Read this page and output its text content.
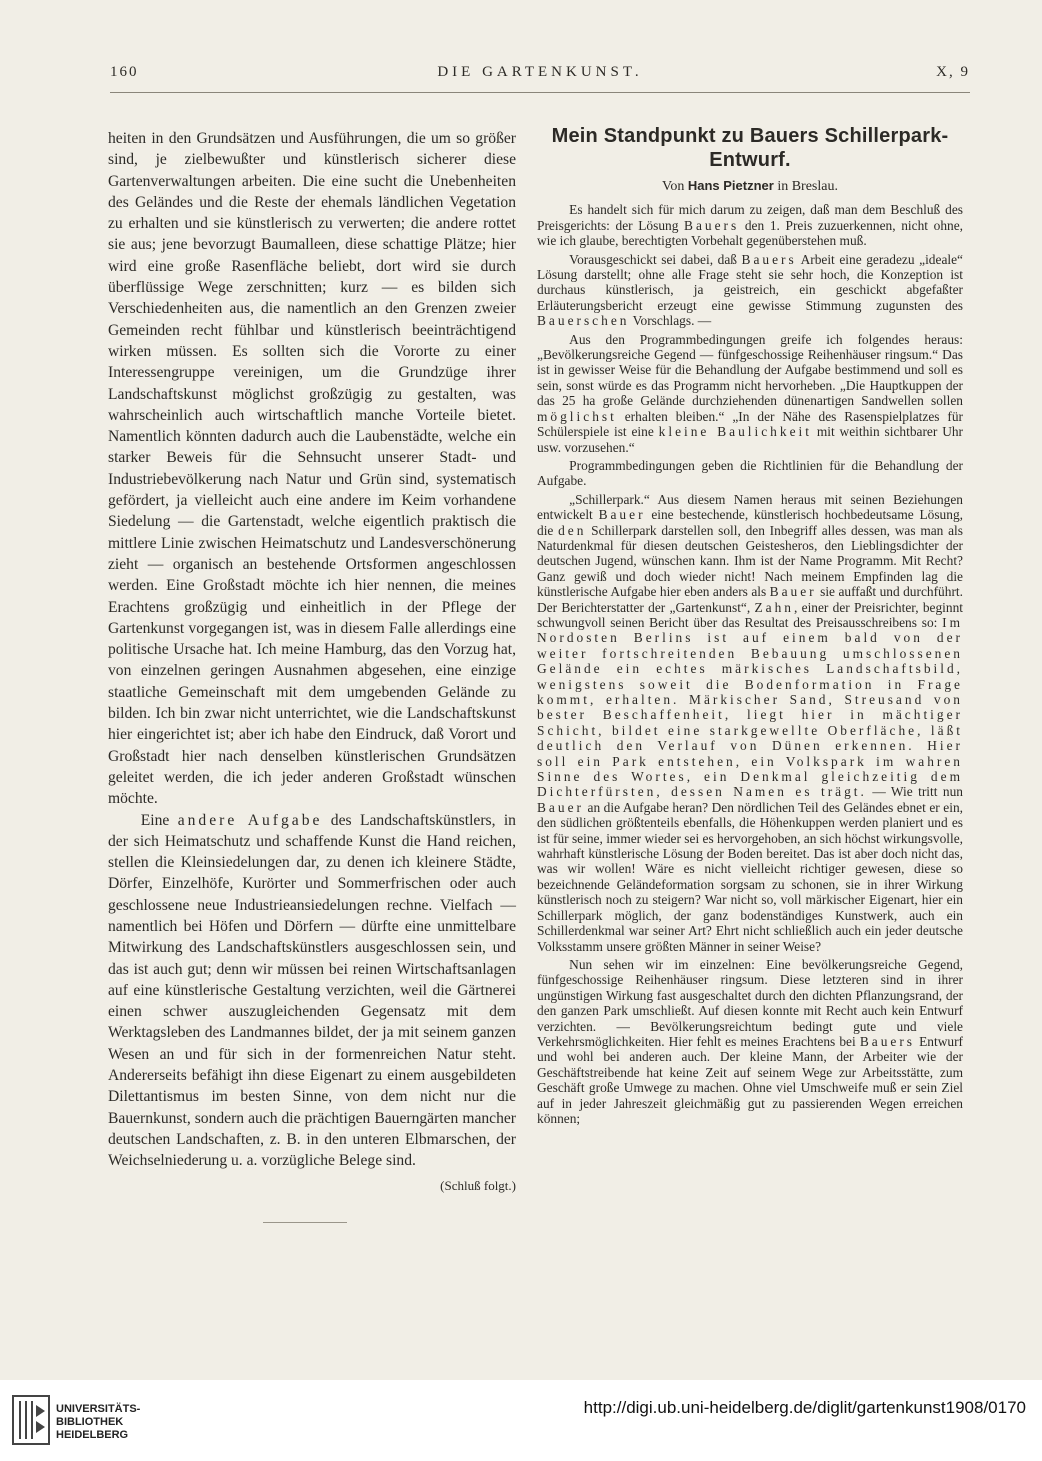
160	DIE GARTENKUNST.	X, 9

heiten in den Grundsätzen und Ausführungen, die um so größer sind, je zielbewußter und künstlerisch sicherer diese Gartenverwaltungen arbeiten. Die eine sucht die Unebenheiten des Geländes und die Reste der ehemals ländlichen Vegetation zu erhalten und sie künstlerisch zu verwerten; die andere rottet sie aus; jene bevorzugt Baumalleen, diese schattige Plätze; hier wird eine große Rasenfläche beliebt, dort wird sie durch überflüssige Wege zerschnitten; kurz — es bilden sich Verschiedenheiten aus, die namentlich an den Grenzen zweier Gemeinden recht fühlbar und künstlerisch beeinträchtigend wirken müssen. Es sollten sich die Vororte zu einer Interessengruppe vereinigen, um die Grundzüge ihrer Landschaftskunst möglichst großzügig zu gestalten, was wahrscheinlich auch wirtschaftlich manche Vorteile bietet. Namentlich könnten dadurch auch die Laubenstädte, welche ein starker Beweis für die Sehnsucht unserer Stadt- und Industriebevölkerung nach Natur und Grün sind, systematisch gefördert, ja vielleicht auch eine andere im Keim vorhandene Siedelung — die Gartenstadt, welche eigentlich praktisch die mittlere Linie zwischen Heimatschutz und Landesverschönerung zieht — organisch an bestehende Ortsformen angeschlossen werden. Eine Großstadt möchte ich hier nennen, die meines Erachtens großzügig und einheitlich in der Pflege der Gartenkunst vorgegangen ist, was in diesem Falle allerdings eine politische Ursache hat. Ich meine Hamburg, das den Vorzug hat, von einzelnen geringen Ausnahmen abgesehen, eine einzige staatliche Gemeinschaft mit dem umgebenden Gelände zu bilden. Ich bin zwar nicht unterrichtet, wie die Landschaftskunst hier eingerichtet ist; aber ich habe den Eindruck, daß Vorort und Großstadt hier nach denselben künstlerischen Grundsätzen geleitet werden, die ich jeder anderen Großstadt wünschen möchte.

Eine andere Aufgabe des Landschaftskünstlers, in der sich Heimatschutz und schaffende Kunst die Hand reichen, stellen die Kleinsiedelungen dar, zu denen ich kleinere Städte, Dörfer, Einzelhöfe, Kurörter und Sommerfrischen oder auch geschlossene neue Industrieansiedelungen rechne. Vielfach — namentlich bei Höfen und Dörfern — dürfte eine unmittelbare Mitwirkung des Landschaftskünstlers ausgeschlossen sein, und das ist auch gut; denn wir müssen bei reinen Wirtschaftsanlagen auf eine künstlerische Gestaltung verzichten, weil die Gärtnerei einen schwer auszugleichenden Gegensatz mit dem Werktagsleben des Landmannes bildet, der ja mit seinem ganzen Wesen an und für sich in der formenreichen Natur steht. Andererseits befähigt ihn diese Eigenart zu einem ausgebildeten Dilettantismus im besten Sinne, von dem nicht nur die Bauernkunst, sondern auch die prächtigen Bauerngärten mancher deutschen Landschaften, z. B. in den unteren Elbmarschen, der Weichselniederung u. a. vorzügliche Belege sind.
(Schluß folgt.)

Mein Standpunkt zu Bauers Schillerpark-Entwurf.

Von Hans Pietzner in Breslau.

Es handelt sich für mich darum zu zeigen, daß man dem Beschluß des Preisgerichts: der Lösung Bauers den 1. Preis zuzuerkennen, nicht ohne, wie ich glaube, berechtigten Vorbehalt gegenüberstehen muß.

Vorausgeschickt sei dabei, daß Bauers Arbeit eine geradezu „ideale“ Lösung darstellt; ohne alle Frage steht sie sehr hoch, die Konzeption ist durchaus künstlerisch, ja geistreich, ein geschickt abgefaßter Erläuterungsbericht erzeugt eine gewisse Stimmung zugunsten des Bauerschen Vorschlags. —

Aus den Programmbedingungen greife ich folgendes heraus: „Bevölkerungsreiche Gegend — fünfgeschossige Reihenhäuser ringsum.“ Das ist in gewisser Weise für die Behandlung der Aufgabe bestimmend und soll es sein, sonst würde es das Programm nicht hervorheben. „Die Hauptkuppen der das 25 ha große Gelände durchziehenden dünenartigen Sandwellen sollen möglichst erhalten bleiben.“ „In der Nähe des Rasenspielplatzes für Schülerspiele ist eine kleine Baulichkeit mit weithin sichtbarer Uhr usw. vorzusehen.“

Programmbedingungen geben die Richtlinien für die Behandlung der Aufgabe.

„Schillerpark.“ Aus diesem Namen heraus mit seinen Beziehungen entwickelt Bauer eine bestechende, künstlerisch hochbedeutsame Lösung, die den Schillerpark darstellen soll, den Inbegriff alles dessen, was man als Naturdenkmal für diesen deutschen Geistesheros, den Lieblingsdichter der deutschen Jugend, wünschen kann. Ihm ist der Name Programm. Mit Recht? Ganz gewiß und doch wieder nicht! Nach meinem Empfinden lag die künstlerische Aufgabe hier eben anders als Bauer sie auffaßt und durchführt. Der Berichterstatter der „Gartenkunst“, Zahn, einer der Preisrichter, beginnt schwungvoll seinen Bericht über das Resultat des Preisausschreibens so: Im Nordosten Berlins ist auf einem bald von der weiter fortschreitenden Bebauung umschlossenen Gelände ein echtes märkisches Landschaftsbild, wenigstens soweit die Bodenformation in Frage kommt, erhalten. Märkischer Sand, Streusand von bester Beschaffenheit, liegt hier in mächtiger Schicht, bildet eine starkgewellte Oberfläche, läßt deutlich den Verlauf von Dünen erkennen. Hier soll ein Park entstehen, ein Volkspark im wahren Sinne des Wortes, ein Denkmal gleichzeitig dem Dichterfürsten, dessen Namen es trägt. — Wie tritt nun Bauer an die Aufgabe heran? Den nördlichen Teil des Geländes ebnet er ein, den südlichen größtenteils ebenfalls, die Höhenkuppen werden planiert und es ist für seine, immer wieder sei es hervorgehoben, an sich höchst wirkungsvolle, wahrhaft künstlerische Lösung der Boden bereitet. Das ist aber doch nicht das, was wir wollen! Wäre es nicht vielleicht richtiger gewesen, diese so bezeichnende Geländeformation sorgsam zu schonen, sie in ihrer Wirkung künstlerisch noch zu steigern? War nicht so, voll märkischer Eigenart, hier ein Schillerpark möglich, der ganz bodenständiges Kunstwerk, auch ein Schillerdenkmal war seiner Art? Ehrt nicht schließlich auch ein jeder deutsche Volksstamm unsere größten Männer in seiner Weise?

Nun sehen wir im einzelnen: Eine bevölkerungsreiche Gegend, fünfgeschossige Reihenhäuser ringsum. Diese letzteren sind in ihrer ungünstigen Wirkung fast ausgeschaltet durch den dichten Pflanzungsrand, der den ganzen Park umschließt. Auf diesen konnte mit Recht auch kein Entwurf verzichten. — Bevölkerungsreichtum bedingt gute und viele Verkehrsmöglichkeiten. Hier fehlt es meines Erachtens bei Bauers Entwurf und wohl bei anderen auch. Der kleine Mann, der Arbeiter wie der Geschäftstreibende hat keine Zeit auf seinem Wege zur Arbeitsstätte, zum Geschäft große Umwege zu machen. Ohne viel Umschweife muß er sein Ziel auf in jeder Jahreszeit gleichmäßig gut zu passierenden Wegen erreichen können;

UNIVERSITÄTS-
BIBLIOTHEK
HEIDELBERG
http://digi.ub.uni-heidelberg.de/diglit/gartenkunst1908/0170
